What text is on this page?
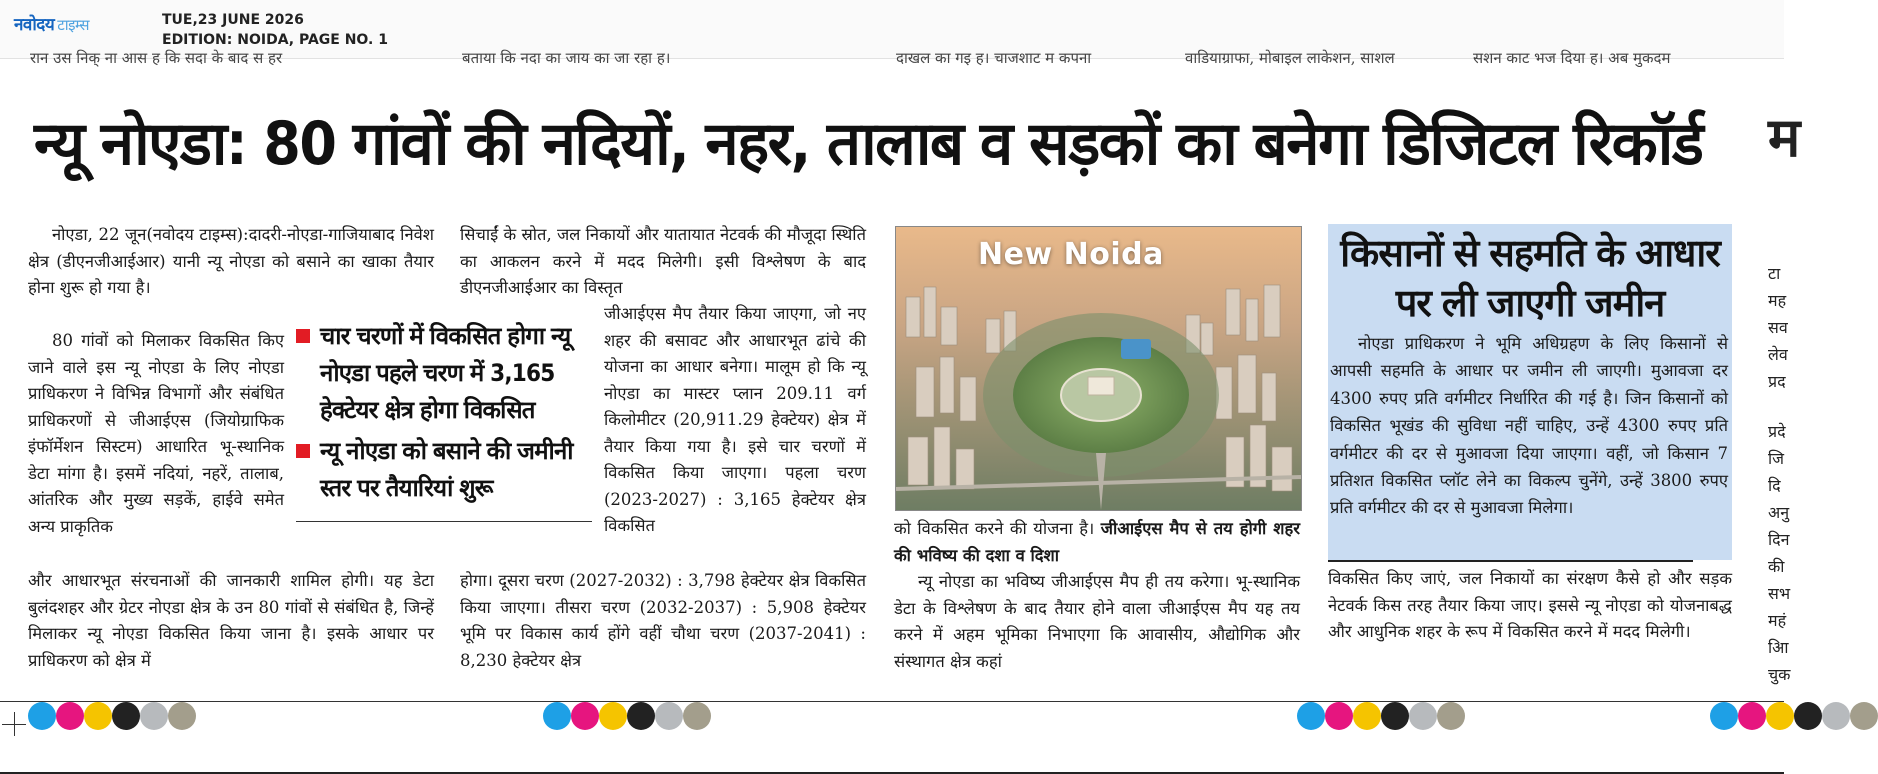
नवोदय टाइम्स	TUE,23 JUNE 2026
EDITION: NOIDA, PAGE NO. 1
रान उस निक् ना आस ह कि सदा के बाद स हर	बताया कि नदा का जाय का जा रहा ह।	दाखल का गइ ह। चाजशाट म कपना	वाडियाग्राफा, मोबाइल लाकेशन, साशल	सशन काट भज दिया ह। अब मुकदम
न्यू नोएडा: 80 गांवों की नदियों, नहर, तालाब व सड़कों का बनेगा डिजिटल रिकॉर्ड	म

नोएडा, 22 जून(नवोदय टाइम्स):दादरी-नोएडा-गाजियाबाद निवेश क्षेत्र (डीएनजीआईआर) यानी न्यू नोएडा को बसाने का खाका तैयार होना शुरू हो गया है।

80 गांवों को मिलाकर विकसित किए जाने वाले इस न्यू नोएडा के लिए नोएडा प्राधिकरण ने विभिन्न विभागों और संबंधित प्राधिकरणों से जीआईएस (जियोग्राफिक इंफॉर्मेशन सिस्टम) आधारित भू-स्थानिक डेटा मांगा है। इसमें नदियां, नहरें, तालाब, आंतरिक और मुख्य सड़कें, हाईवे समेत अन्य प्राकृतिक

और आधारभूत संरचनाओं की जानकारी शामिल होगी। यह डेटा बुलंदशहर और ग्रेटर नोएडा क्षेत्र के उन 80 गांवों से संबंधित है, जिन्हें मिलाकर न्यू नोएडा विकसित किया जाना है। इसके आधार पर प्राधिकरण को क्षेत्र में

सिचाईं के स्रोत, जल निकायों और यातायात नेटवर्क की मौजूदा स्थिति का आकलन करने में मदद मिलेगी। इसी विश्लेषण के बाद डीएनजीआईआर का विस्तृत

जीआईएस मैप तैयार किया जाएगा, जो नए शहर की बसावट और आधारभूत ढांचे की योजना का आधार बनेगा। मालूम हो कि न्यू नोएडा का मास्टर प्लान 209.11 वर्ग किलोमीटर (20,911.29 हेक्टेयर) क्षेत्र में तैयार किया गया है। इसे चार चरणों में विकसित किया जाएगा। पहला चरण (2023-2027) : 3,165 हेक्टेयर क्षेत्र विकसित

होगा। दूसरा चरण (2027-2032) : 3,798 हेक्टेयर क्षेत्र विकसित किया जाएगा। तीसरा चरण (2032-2037) : 5,908 हेक्टेयर भूमि पर विकास कार्य होंगे वहीं चौथा चरण (2037-2041) : 8,230 हेक्टेयर क्षेत्र

चार चरणों में विकसित होगा न्यू नोएडा पहले चरण में 3,165 हेक्टेयर क्षेत्र होगा विकसित
न्यू नोएडा को बसाने की जमीनी स्तर पर तैयारियां शुरू
New Noida

को विकसित करने की योजना है। जीआईएस मैप से तय होगी शहर की भविष्य की दशा व दिशा

न्यू नोएडा का भविष्य जीआईएस मैप ही तय करेगा। भू-स्थानिक डेटा के विश्लेषण के बाद तैयार होने वाला जीआईएस मैप यह तय करने में अहम भूमिका निभाएगा कि आवासीय, औद्योगिक और संस्थागत क्षेत्र कहां

किसानों से सहमति के आधार पर ली जाएगी जमीन

नोएडा प्राधिकरण ने भूमि अधिग्रहण के लिए किसानों से आपसी सहमति के आधार पर जमीन ली जाएगी। मुआवजा दर 4300 रुपए प्रति वर्गमीटर निर्धारित की गई है। जिन किसानों को विकसित भूखंड की सुविधा नहीं चाहिए, उन्हें 4300 रुपए प्रति वर्गमीटर की दर से मुआवजा दिया जाएगा। वहीं, जो किसान 7 प्रतिशत विकसित प्लॉट लेने का विकल्प चुनेंगे, उन्हें 3800 रुपए प्रति वर्गमीटर की दर से मुआवजा मिलेगा।

विकसित किए जाएं, जल निकायों का संरक्षण कैसे हो और सड़क नेटवर्क किस तरह तैयार किया जाए। इससे न्यू नोएडा को योजनाबद्ध और आधुनिक शहर के रूप में विकसित करने में मदद मिलेगी।

टा
मह
सव
लेव
प्रद
प्रदे
जि
दि
अनु
दिन
की
सभ
महं
आि
चुक
